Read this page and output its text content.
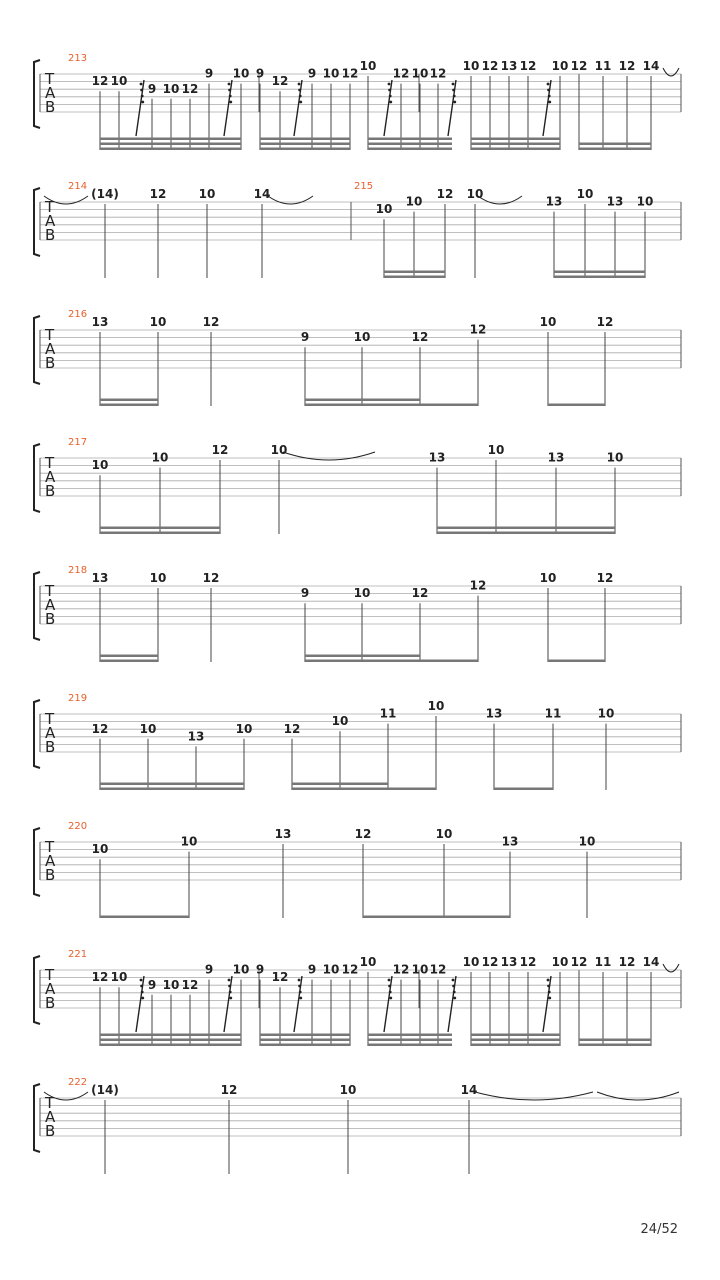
T
A
B
213
12 10
9 10 12
9 10 9
12
9 10 12
10
12 10 12
10 12 13 12 10 12 11 12 14
T
A
B
214	215
(14)	12	10	14
10
10
12 10
13
10
13 10
T
A
B
216
13	10	12
9	10	12
12
10	12
T
A
B
217
10
10
12	10
13
10
13	10
T
A
B
218
13	10	12
9	10	12
12
10	12
T
A
B
219
12	10
13
10	12
10
11
10
13	11	10
T
A
B
220
10
10
13	12	10
13	10
T
A
B
221
12 10
9 10 12
9 10 9
12
9 10 12
10
12 10 12
10 12 13 12 10 12 11 12 14
T
A
B
222
(14)	12	10	14
24/52
